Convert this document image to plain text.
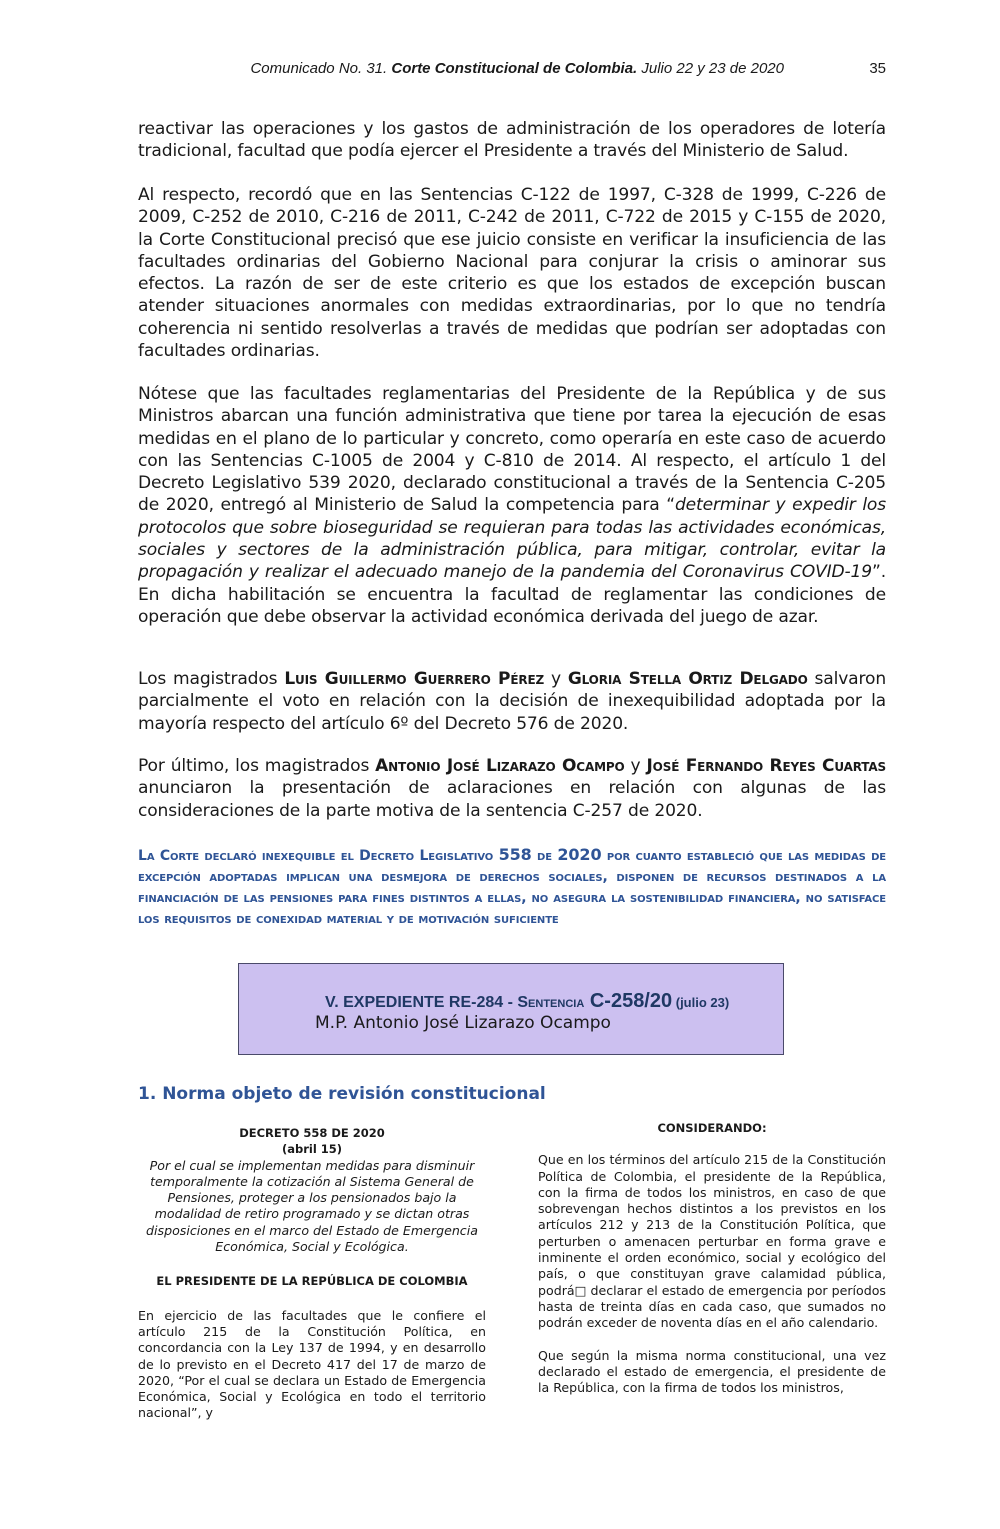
Comunicado No. 31. Corte Constitucional de Colombia. Julio 22 y 23 de 2020	35

reactivar las operaciones y los gastos de administración de los operadores de lotería tradicional, facultad que podía ejercer el Presidente a través del Ministerio de Salud.

Al respecto, recordó que en las Sentencias C-122 de 1997, C-328 de 1999, C-226 de 2009, C-252 de 2010, C-216 de 2011, C-242 de 2011, C-722 de 2015 y C-155 de 2020, la Corte Constitucional precisó que ese juicio consiste en verificar la insuficiencia de las facultades ordinarias del Gobierno Nacional para conjurar la crisis o aminorar sus efectos. La razón de ser de este criterio es que los estados de excepción buscan atender situaciones anormales con medidas extraordinarias, por lo que no tendría coherencia ni sentido resolverlas a través de medidas que podrían ser adoptadas con facultades ordinarias.

Nótese que las facultades reglamentarias del Presidente de la República y de sus Ministros abarcan una función administrativa que tiene por tarea la ejecución de esas medidas en el plano de lo particular y concreto, como operaría en este caso de acuerdo con las Sentencias C-1005 de 2004 y C-810 de 2014. Al respecto, el artículo 1 del Decreto Legislativo 539 2020, declarado constitucional a través de la Sentencia C-205 de 2020, entregó al Ministerio de Salud la competencia para “determinar y expedir los protocolos que sobre bioseguridad se requieran para todas las actividades económicas, sociales y sectores de la administración pública, para mitigar, controlar, evitar la propagación y realizar el adecuado manejo de la pandemia del Coronavirus COVID-19”. En dicha habilitación se encuentra la facultad de reglamentar las condiciones de operación que debe observar la actividad económica derivada del juego de azar.

Los magistrados Luis Guillermo Guerrero Pérez y Gloria Stella Ortiz Delgado salvaron parcialmente el voto en relación con la decisión de inexequibilidad adoptada por la mayoría respecto del artículo 6º del Decreto 576 de 2020.

Por último, los magistrados Antonio José Lizarazo Ocampo y José Fernando Reyes Cuartas anunciaron la presentación de aclaraciones en relación con algunas de las consideraciones de la parte motiva de la sentencia C-257 de 2020.

La Corte declaró inexequible el Decreto Legislativo 558 de 2020 por cuanto estableció que las medidas de excepción adoptadas implican una desmejora de derechos sociales, disponen de recursos destinados a la financiación de las pensiones para fines distintos a ellas, no asegura la sostenibilidad financiera, no satisface los requisitos de conexidad material y de motivación suficiente

V. EXPEDIENTE RE-284 - Sentencia C-258/20 (julio 23)
M.P. Antonio José Lizarazo Ocampo
1. Norma objeto de revisión constitucional

DECRETO 558 DE 2020

(abril 15)

Por el cual se implementan medidas para disminuir temporalmente la cotización al Sistema General de Pensiones, proteger a los pensionados bajo la modalidad de retiro programado y se dictan otras disposiciones en el marco del Estado de Emergencia Económica, Social y Ecológica.

EL PRESIDENTE DE LA REPÚBLICA DE COLOMBIA

En ejercicio de las facultades que le confiere el artículo 215 de la Constitución Política, en concordancia con la Ley 137 de 1994, y en desarrollo de lo previsto en el Decreto 417 del 17 de marzo de 2020, “Por el cual se declara un Estado de Emergencia Económica, Social y Ecológica en todo el territorio nacional”, y

CONSIDERANDO:

Que en los términos del artículo 215 de la Constitución Política de Colombia, el presidente de la República, con la firma de todos los ministros, en caso de que sobrevengan hechos distintos a los previstos en los artículos 212 y 213 de la Constitución Política, que perturben o amenacen perturbar en forma grave e inminente el orden económico, social y ecológico del país, o que constituyan grave calamidad pública, podrá□ declarar el estado de emergencia por períodos hasta de treinta días en cada caso, que sumados no podrán exceder de noventa días en el año calendario.

Que según la misma norma constitucional, una vez declarado el estado de emergencia, el presidente de la República, con la firma de todos los ministros,
